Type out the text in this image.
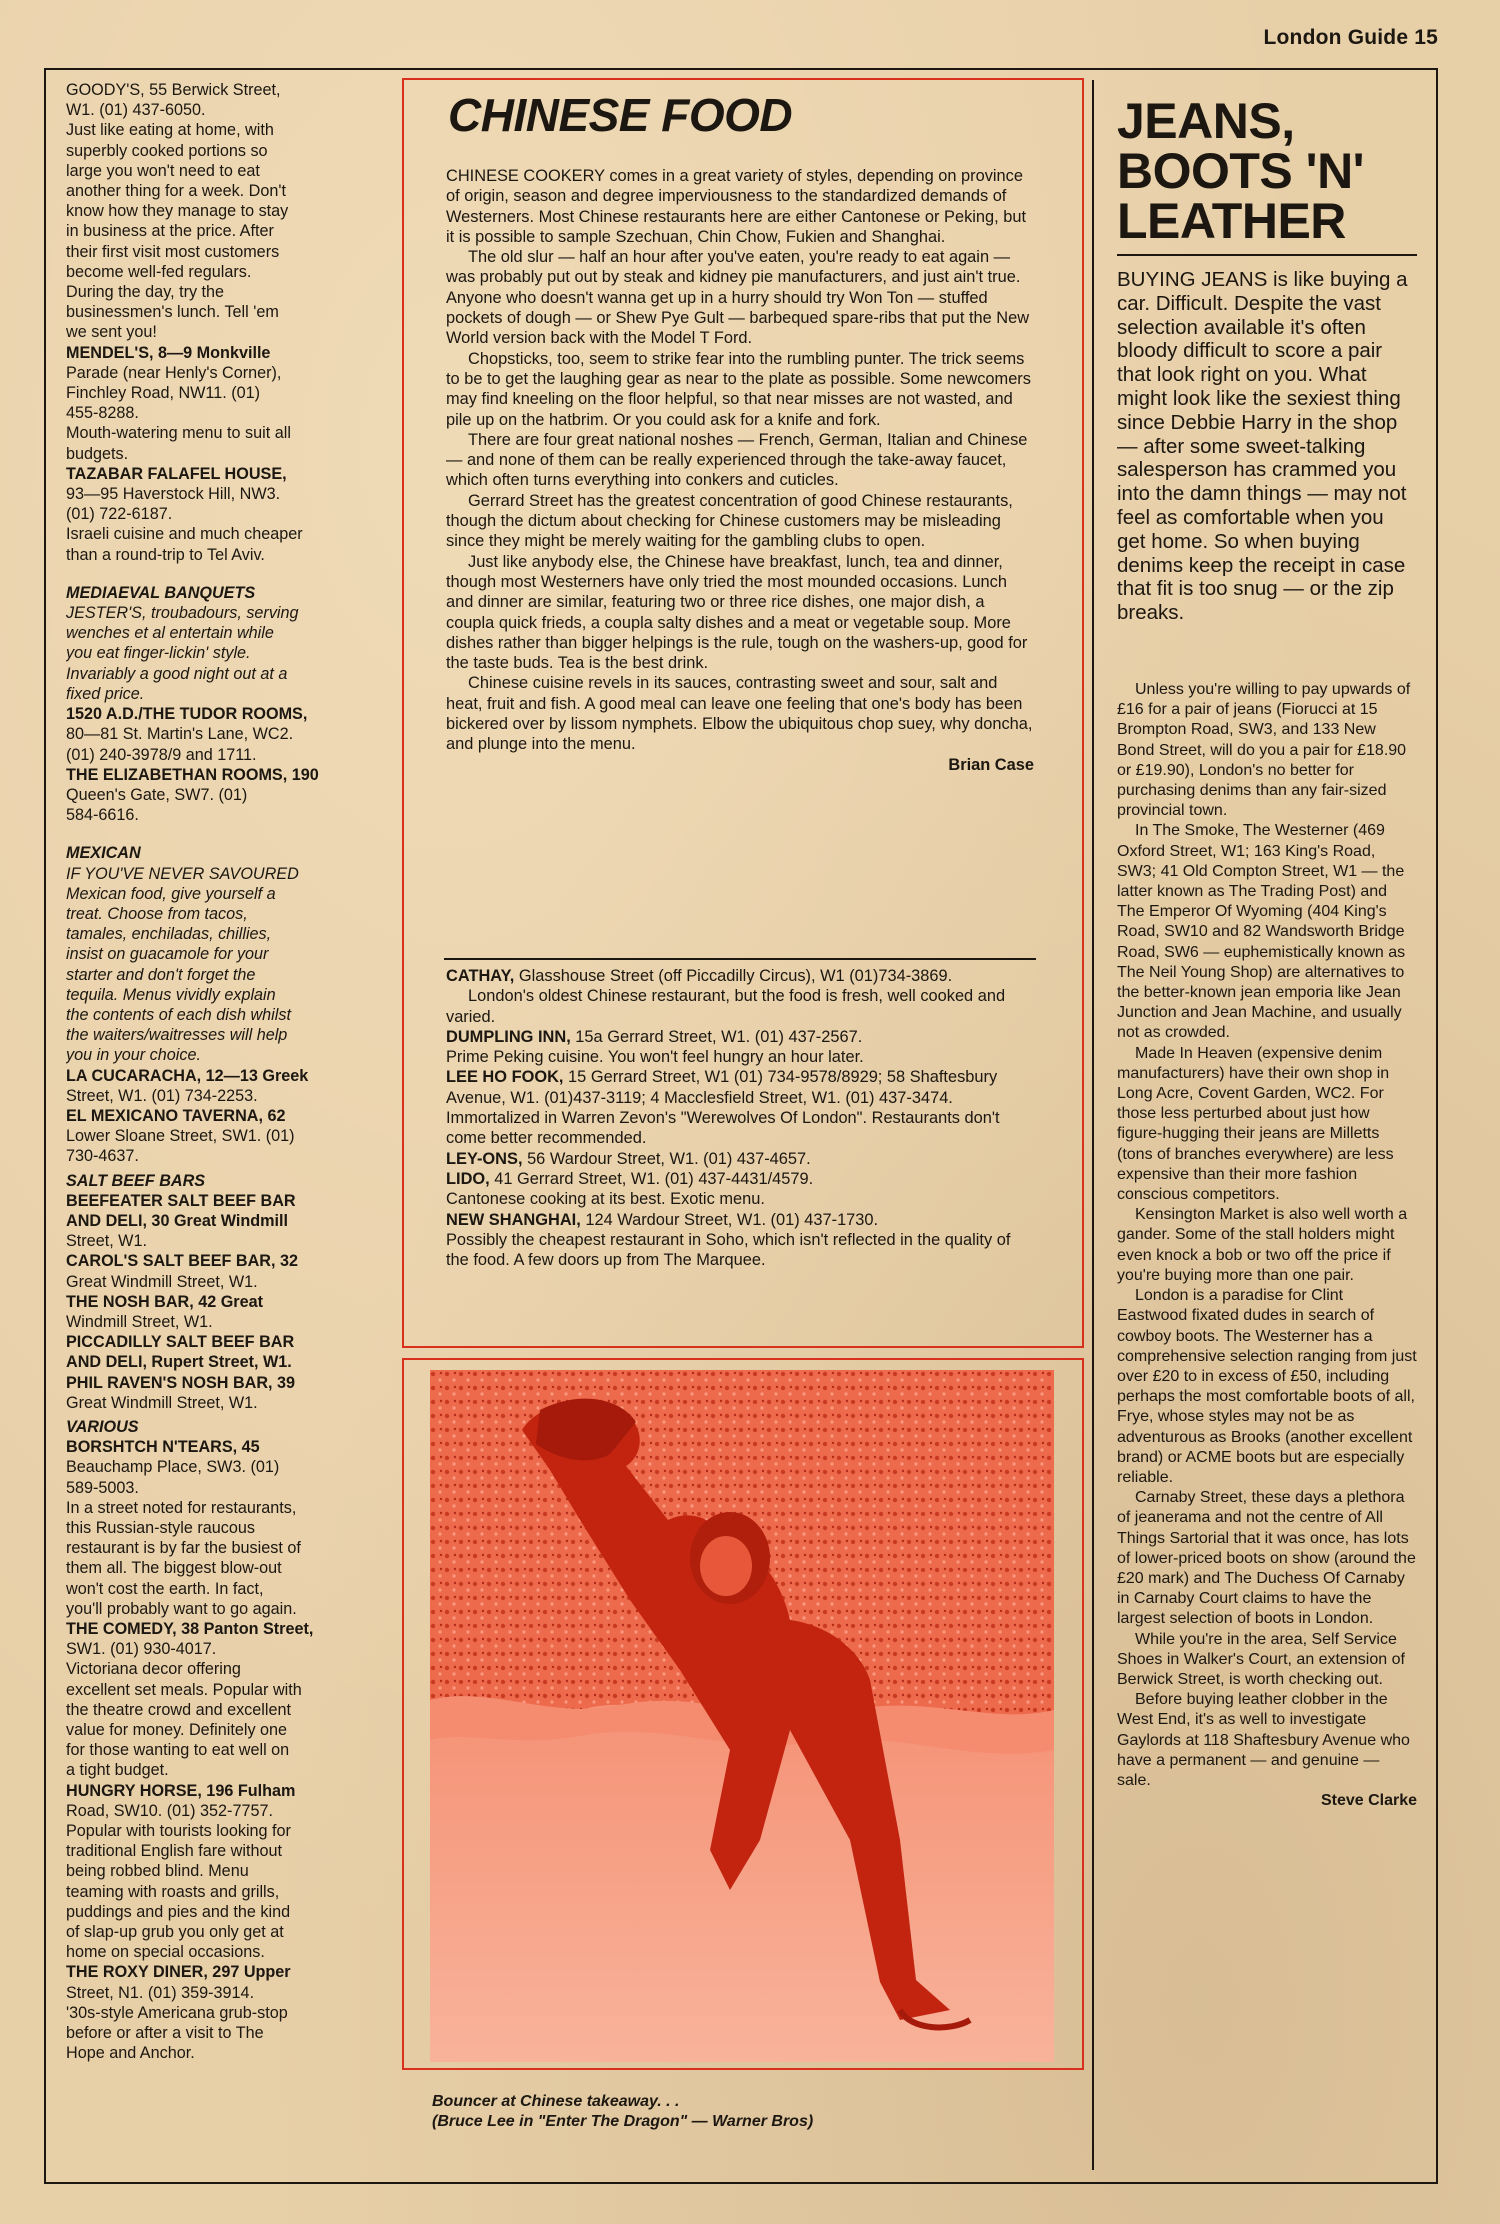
London Guide 15

GOODY'S, 55 Berwick Street,

W1. (01) 437-6050.

Just like eating at home, with

superbly cooked portions so

large you won't need to eat

another thing for a week. Don't

know how they manage to stay

in business at the price. After

their first visit most customers

become well-fed regulars.

During the day, try the

businessmen's lunch. Tell 'em

we sent you!

MENDEL'S, 8—9 Monkville

Parade (near Henly's Corner),

Finchley Road, NW11. (01)

455-8288.

Mouth-watering menu to suit all

budgets.

TAZABAR FALAFEL HOUSE,

93—95 Haverstock Hill, NW3.

(01) 722-6187.

Israeli cuisine and much cheaper

than a round-trip to Tel Aviv.

MEDIAEVAL BANQUETS

JESTER'S, troubadours, serving

wenches et al entertain while

you eat finger-lickin' style.

Invariably a good night out at a

fixed price.

1520 A.D./THE TUDOR ROOMS,

80—81 St. Martin's Lane, WC2.

(01) 240-3978/9 and 1711.

THE ELIZABETHAN ROOMS, 190

Queen's Gate, SW7. (01)

584-6616.

MEXICAN

IF YOU'VE NEVER SAVOURED

Mexican food, give yourself a

treat. Choose from tacos,

tamales, enchiladas, chillies,

insist on guacamole for your

starter and don't forget the

tequila. Menus vividly explain

the contents of each dish whilst

the waiters/waitresses will help

you in your choice.

LA CUCARACHA, 12—13 Greek

Street, W1. (01) 734-2253.

EL MEXICANO TAVERNA, 62

Lower Sloane Street, SW1. (01)

730-4637.

SALT BEEF BARS

BEEFEATER SALT BEEF BAR

AND DELI, 30 Great Windmill

Street, W1.

CAROL'S SALT BEEF BAR, 32

Great Windmill Street, W1.

THE NOSH BAR, 42 Great

Windmill Street, W1.

PICCADILLY SALT BEEF BAR

AND DELI, Rupert Street, W1.

PHIL RAVEN'S NOSH BAR, 39

Great Windmill Street, W1.

VARIOUS

BORSHTCH N'TEARS, 45

Beauchamp Place, SW3. (01)

589-5003.

In a street noted for restaurants,

this Russian-style raucous

restaurant is by far the busiest of

them all. The biggest blow-out

won't cost the earth. In fact,

you'll probably want to go again.

THE COMEDY, 38 Panton Street,

SW1. (01) 930-4017.

Victoriana decor offering

excellent set meals. Popular with

the theatre crowd and excellent

value for money. Definitely one

for those wanting to eat well on

a tight budget.

HUNGRY HORSE, 196 Fulham

Road, SW10. (01) 352-7757.

Popular with tourists looking for

traditional English fare without

being robbed blind. Menu

teaming with roasts and grills,

puddings and pies and the kind

of slap-up grub you only get at

home on special occasions.

THE ROXY DINER, 297 Upper

Street, N1. (01) 359-3914.

'30s-style Americana grub-stop

before or after a visit to The

Hope and Anchor.

CHINESE FOOD

CHINESE COOKERY comes in a great variety of styles, depending on province of origin, season and degree imperviousness to the standardized demands of Westerners. Most Chinese restaurants here are either Cantonese or Peking, but it is possible to sample Szechuan, Chin Chow, Fukien and Shanghai.

The old slur — half an hour after you've eaten, you're ready to eat again — was probably put out by steak and kidney pie manufacturers, and just ain't true. Anyone who doesn't wanna get up in a hurry should try Won Ton — stuffed pockets of dough — or Shew Pye Gult — barbequed spare-ribs that put the New World version back with the Model T Ford.

Chopsticks, too, seem to strike fear into the rumbling punter. The trick seems to be to get the laughing gear as near to the plate as possible. Some newcomers may find kneeling on the floor helpful, so that near misses are not wasted, and pile up on the hatbrim. Or you could ask for a knife and fork.

There are four great national noshes — French, German, Italian and Chinese — and none of them can be really experienced through the take-away faucet, which often turns everything into conkers and cuticles.

Gerrard Street has the greatest concentration of good Chinese restaurants, though the dictum about checking for Chinese customers may be misleading since they might be merely waiting for the gambling clubs to open.

Just like anybody else, the Chinese have breakfast, lunch, tea and dinner, though most Westerners have only tried the most mounded occasions. Lunch and dinner are similar, featuring two or three rice dishes, one major dish, a coupla quick frieds, a coupla salty dishes and a meat or vegetable soup. More dishes rather than bigger helpings is the rule, tough on the washers-up, good for the taste buds. Tea is the best drink.

Chinese cuisine revels in its sauces, contrasting sweet and sour, salt and heat, fruit and fish. A good meal can leave one feeling that one's body has been bickered over by lissom nymphets. Elbow the ubiquitous chop suey, why doncha, and plunge into the menu.

Brian Case

CATHAY, Glasshouse Street (off Piccadilly Circus), W1 (01)734-3869.

London's oldest Chinese restaurant, but the food is fresh, well cooked and varied.

DUMPLING INN, 15a Gerrard Street, W1. (01) 437-2567.

Prime Peking cuisine. You won't feel hungry an hour later.

LEE HO FOOK, 15 Gerrard Street, W1 (01) 734-9578/8929; 58 Shaftesbury Avenue, W1. (01)437-3119; 4 Macclesfield Street, W1. (01) 437-3474.

Immortalized in Warren Zevon's "Werewolves Of London". Restaurants don't come better recommended.

LEY-ONS, 56 Wardour Street, W1. (01) 437-4657.

LIDO, 41 Gerrard Street, W1. (01) 437-4431/4579.

Cantonese cooking at its best. Exotic menu.

NEW SHANGHAI, 124 Wardour Street, W1. (01) 437-1730.

Possibly the cheapest restaurant in Soho, which isn't reflected in the quality of the food. A few doors up from The Marquee.

Bouncer at Chinese takeaway. . .

(Bruce Lee in "Enter The Dragon" — Warner Bros)

JEANS,

BOOTS 'N'

LEATHER

BUYING JEANS is like buying a car. Difficult. Despite the vast selection available it's often bloody difficult to score a pair that look right on you. What might look like the sexiest thing since Debbie Harry in the shop — after some sweet-talking salesperson has crammed you into the damn things — may not feel as comfortable when you get home. So when buying denims keep the receipt in case that fit is too snug — or the zip breaks.

Unless you're willing to pay upwards of £16 for a pair of jeans (Fiorucci at 15 Brompton Road, SW3, and 133 New Bond Street, will do you a pair for £18.90 or £19.90), London's no better for purchasing denims than any fair-sized provincial town.

In The Smoke, The Westerner (469 Oxford Street, W1; 163 King's Road, SW3; 41 Old Compton Street, W1 — the latter known as The Trading Post) and The Emperor Of Wyoming (404 King's Road, SW10 and 82 Wandsworth Bridge Road, SW6 — euphemistically known as The Neil Young Shop) are alternatives to the better-known jean emporia like Jean Junction and Jean Machine, and usually not as crowded.

Made In Heaven (expensive denim manufacturers) have their own shop in Long Acre, Covent Garden, WC2. For those less perturbed about just how figure-hugging their jeans are Milletts (tons of branches everywhere) are less expensive than their more fashion conscious competitors.

Kensington Market is also well worth a gander. Some of the stall holders might even knock a bob or two off the price if you're buying more than one pair.

London is a paradise for Clint Eastwood fixated dudes in search of cowboy boots. The Westerner has a comprehensive selection ranging from just over £20 to in excess of £50, including perhaps the most comfortable boots of all, Frye, whose styles may not be as adventurous as Brooks (another excellent brand) or ACME boots but are especially reliable.

Carnaby Street, these days a plethora of jeanerama and not the centre of All Things Sartorial that it was once, has lots of lower-priced boots on show (around the £20 mark) and The Duchess Of Carnaby in Carnaby Court claims to have the largest selection of boots in London.

While you're in the area, Self Service Shoes in Walker's Court, an extension of Berwick Street, is worth checking out.

Before buying leather clobber in the West End, it's as well to investigate Gaylords at 118 Shaftesbury Avenue who have a permanent — and genuine — sale.

Steve Clarke
